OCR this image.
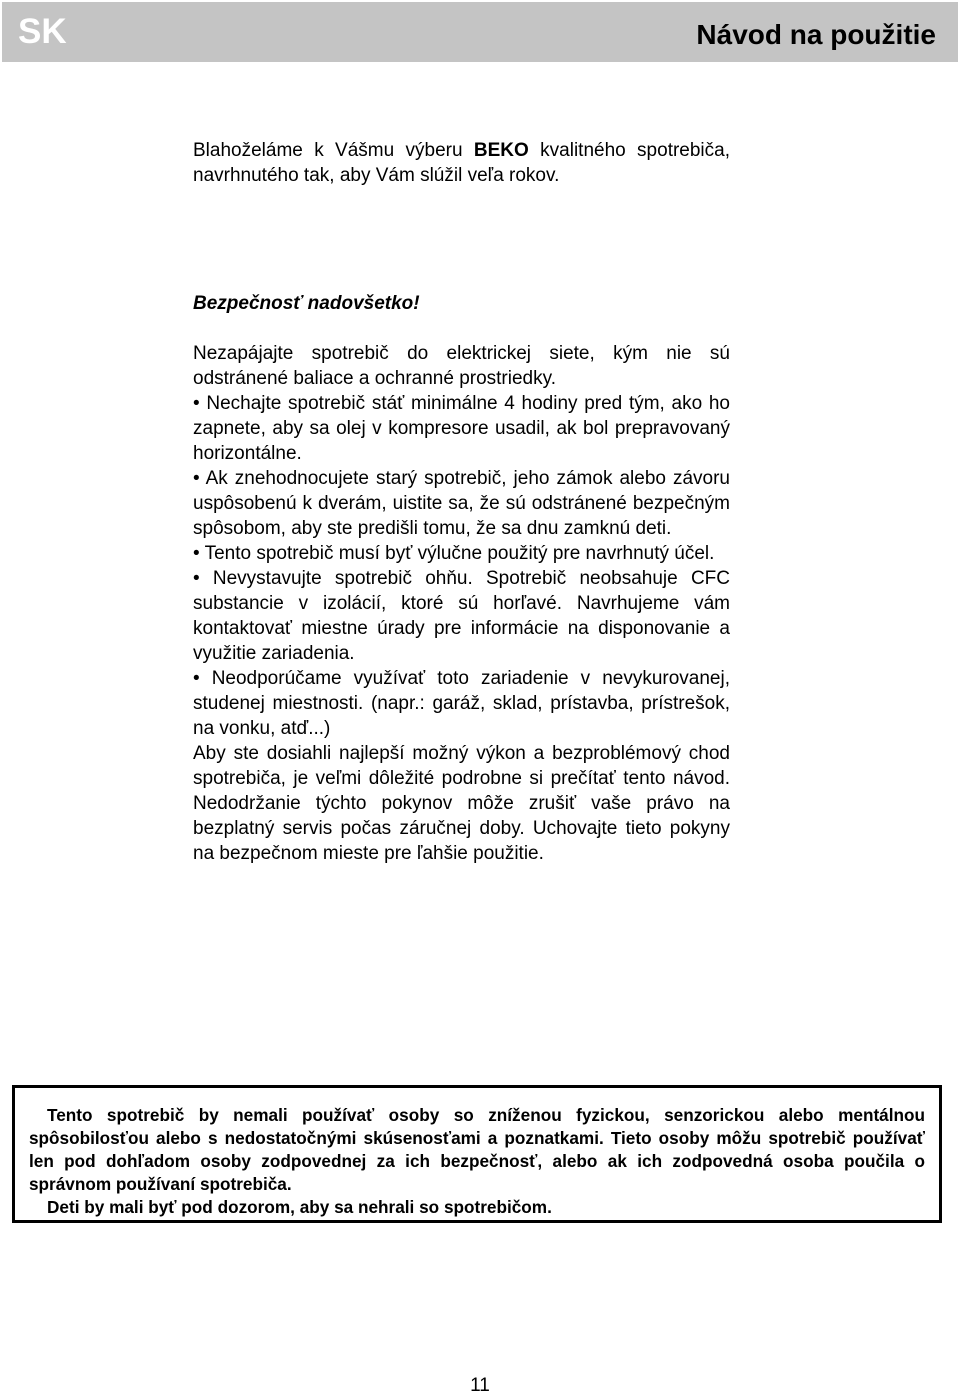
SK	Návod na použitie

Blahoželáme k Vášmu výberu BEKO kvalitného spotrebiča, navrhnutého tak, aby Vám slúžil veľa rokov.

Bezpečnosť nadovšetko!

Nezapájajte spotrebič do elektrickej siete, kým nie sú odstránené baliace a ochranné prostriedky.

• Nechajte spotrebič stáť minimálne 4 hodiny pred tým, ako ho zapnete, aby sa olej v kompresore usadil, ak bol prepravovaný horizontálne.

• Ak znehodnocujete starý spotrebič, jeho zámok alebo závoru uspôsobenú k dverám, uistite sa, že sú odstránené bezpečným spôsobom, aby ste predišli tomu, že sa dnu zamknú deti.

• Tento spotrebič musí byť výlučne použitý pre navrhnutý účel.

• Nevystavujte spotrebič ohňu. Spotrebič neobsahuje CFC substancie v izolácií, ktoré sú horľavé. Navrhujeme vám kontaktovať miestne úrady pre informácie na disponovanie a využitie zariadenia.

• Neodporúčame využívať toto zariadenie v nevykurovanej, studenej miestnosti. (napr.: garáž, sklad, prístavba, prístrešok, na vonku, atď...)

Aby ste dosiahli najlepší možný výkon a bezproblémový chod spotrebiča, je veľmi dôležité podrobne si prečítať tento návod. Nedodržanie týchto pokynov môže zrušiť vaše právo na bezplatný servis počas záručnej doby. Uchovajte tieto pokyny na bezpečnom mieste pre ľahšie použitie.

Tento spotrebič by nemali používať osoby so zníženou fyzickou, senzorickou alebo mentálnou spôsobilosťou alebo s nedostatočnými skúsenosťami a poznatkami. Tieto osoby môžu spotrebič používať len pod dohľadom osoby zodpovednej za ich bezpečnosť, alebo ak ich zodpovedná osoba poučila o správnom používaní spotrebiča.

Deti by mali byť pod dozorom, aby sa nehrali so spotrebičom.

11
